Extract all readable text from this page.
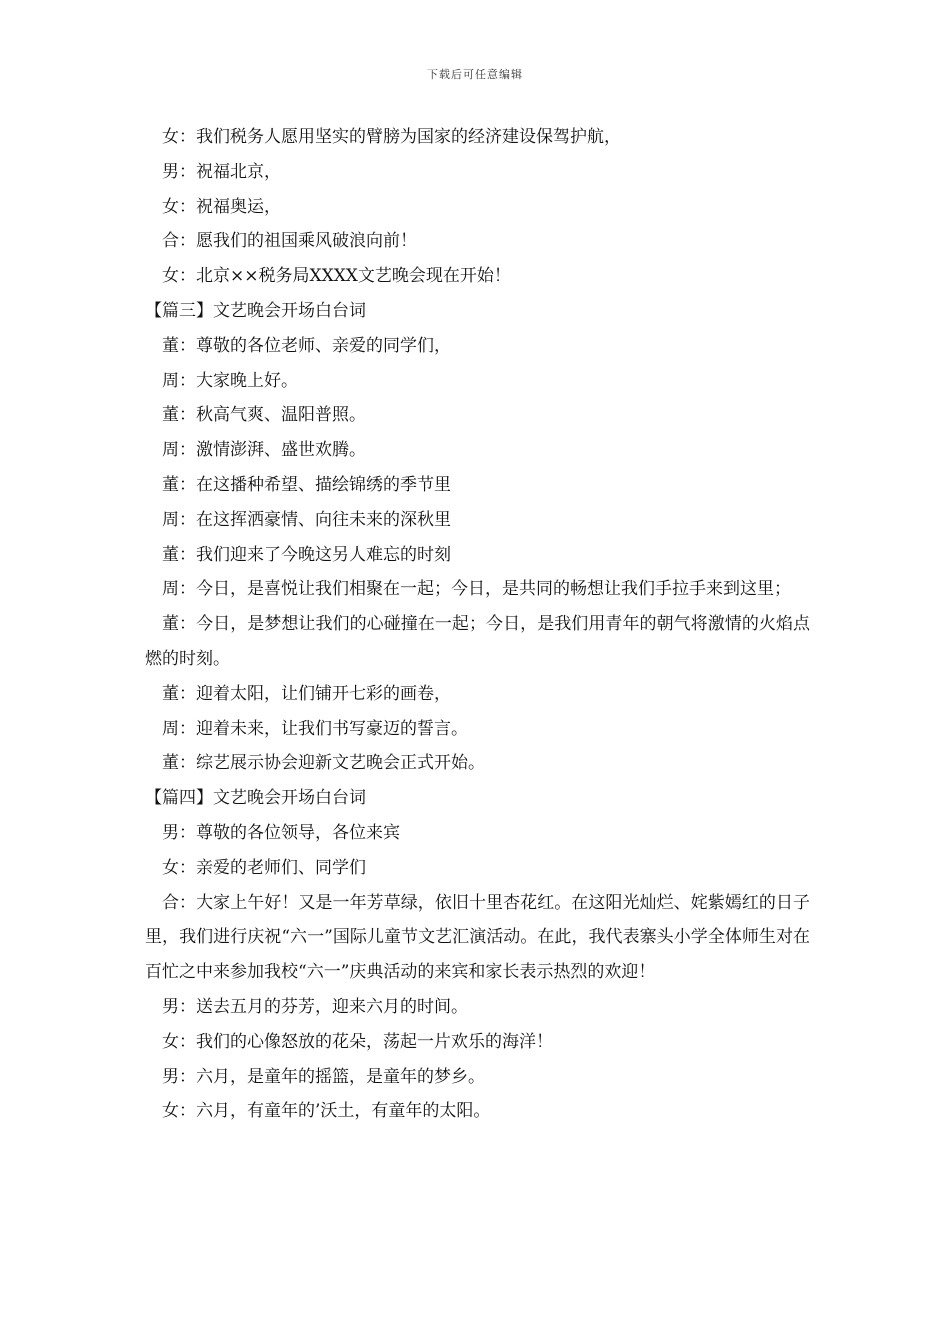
下载后可任意编辑

女：我们税务人愿用坚实的臂膀为国家的经济建设保驾护航，

男：祝福北京，

女：祝福奥运，

合：愿我们的祖国乘风破浪向前！

女：北京××税务局XXXX文艺晚会现在开始！

【篇三】文艺晚会开场白台词

董：尊敬的各位老师、亲爱的同学们，

周：大家晚上好。

董：秋高气爽、温阳普照。

周：激情澎湃、盛世欢腾。

董：在这播种希望、描绘锦绣的季节里

周：在这挥洒豪情、向往未来的深秋里

董：我们迎来了今晚这另人难忘的时刻

周：今日，是喜悦让我们相聚在一起；今日，是共同的畅想让我们手拉手来到这里；

董：今日，是梦想让我们的心碰撞在一起；今日，是我们用青年的朝气将激情的火焰点燃的时刻。

董：迎着太阳，让们铺开七彩的画卷，

周：迎着未来，让我们书写豪迈的誓言。

董：综艺展示协会迎新文艺晚会正式开始。

【篇四】文艺晚会开场白台词

男：尊敬的各位领导，各位来宾

女：亲爱的老师们、同学们

合：大家上午好！又是一年芳草绿，依旧十里杏花红。在这阳光灿烂、姹紫嫣红的日子里，我们进行庆祝“六一”国际儿童节文艺汇演活动。在此，我代表寨头小学全体师生对在百忙之中来参加我校“六一”庆典活动的来宾和家长表示热烈的欢迎！

男：送去五月的芬芳，迎来六月的时间。

女：我们的心像怒放的花朵，荡起一片欢乐的海洋！

男：六月，是童年的摇篮，是童年的梦乡。

女：六月，有童年的’沃土，有童年的太阳。
